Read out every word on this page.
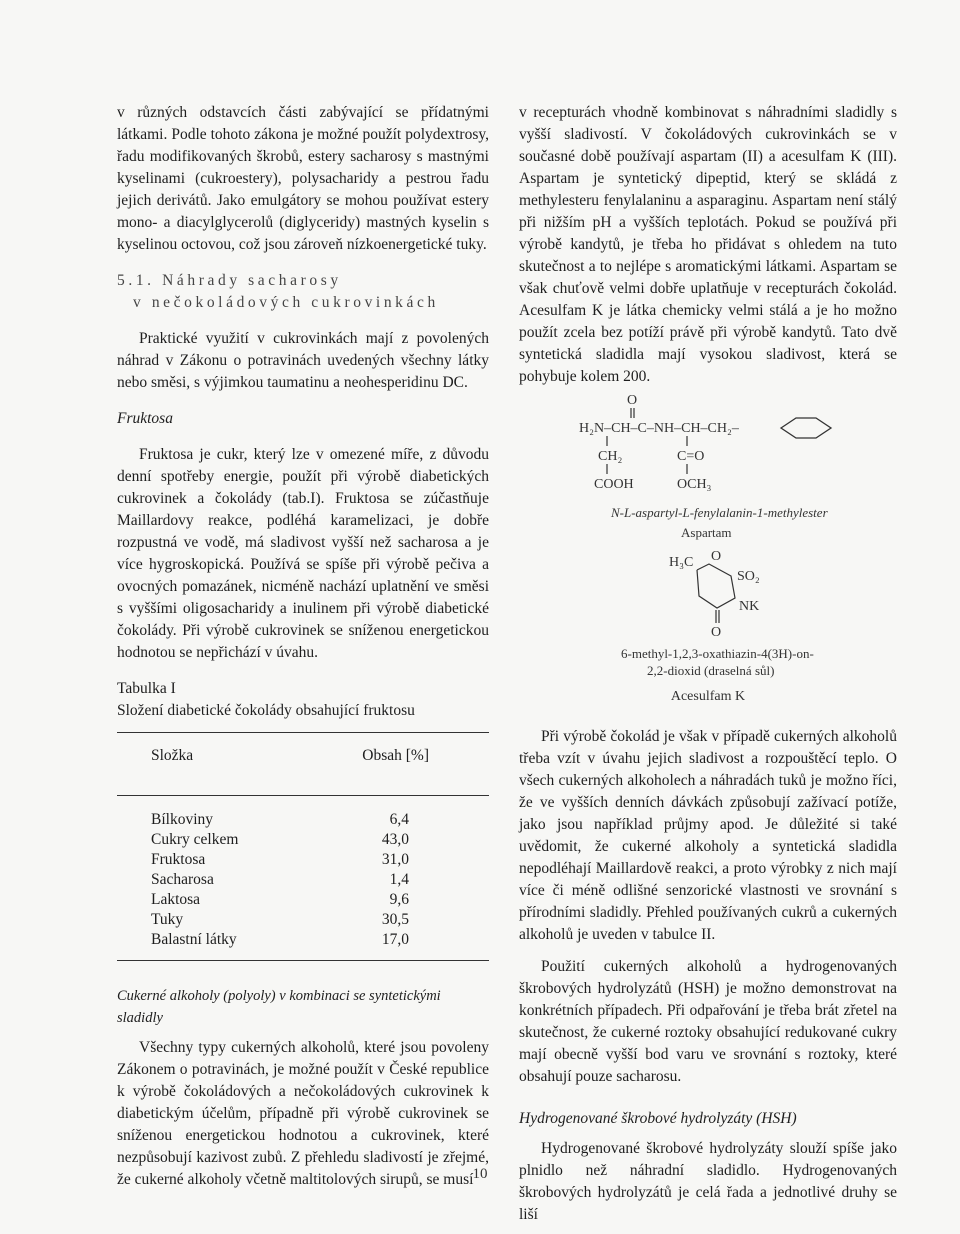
v různých odstavcích části zabývající se přídatnými látkami. Podle tohoto zákona je možné použít polydextrosy, řadu modifikovaných škrobů, estery sacharosy s mastnými kyselinami (cukroestery), polysacharidy a pestrou řadu jejich derivátů. Jako emulgátory se mohou používat estery mono- a diacylglycerolů (diglyceridy) mastných kyselin s kyselinou octovou, což jsou zároveň nízkoenergetické tuky.

5.1. Náhrady sacharosy
v nečokoládových cukrovinkách

Praktické využití v cukrovinkách mají z povolených náhrad v Zákonu o potravinách uvedených všechny látky nebo směsi, s výjimkou taumatinu a neohesperidinu DC.

Fruktosa

Fruktosa je cukr, který lze v omezené míře, z důvodu denní spotřeby energie, použít při výrobě diabetických cukrovinek a čokolády (tab.I). Fruktosa se zúčastňuje Maillardovy reakce, podléhá karamelizaci, je dobře rozpustná ve vodě, má sladivost vyšší než sacharosa a je více hygroskopická. Používá se spíše při výrobě pečiva a ovocných pomazánek, nicméně nachází uplatnění ve směsi s vyššími oligosacharidy a inulinem při výrobě diabetické čokolády. Při výrobě cukrovinek se sníženou energetickou hodnotou se nepřichází v úvahu.

Tabulka I
Složení diabetické čokolády obsahující fruktosu
Složka	Obsah [%]
Bílkoviny	6,4
Cukry celkem	43,0
Fruktosa	31,0
Sacharosa	1,4
Laktosa	9,6
Tuky	30,5
Balastní látky	17,0
Cukerné alkoholy (polyoly) v kombinaci se syntetickými sladidly

Všechny typy cukerných alkoholů, které jsou povoleny Zákonem o potravinách, je možné použít v České republice k výrobě čokoládových a nečokoládových cukrovinek k diabetickým účelům, případně při výrobě cukrovinek se sníženou energetickou hodnotou a cukrovinek, které nezpůsobují kazivost zubů. Z přehledu sladivostí je zřejmé, že cukerné alkoholy včetně maltitolových sirupů, se musí

v recepturách vhodně kombinovat s náhradními sladidly s vyšší sladivostí. V čokoládových cukrovinkách se v současné době používají aspartam (II) a acesulfam K (III). Aspartam je syntetický dipeptid, který se skládá z methylesteru fenylalaninu a asparaginu. Aspartam není stálý při nižším pH a vyšších teplotách. Pokud se používá při výrobě kandytů, je třeba ho přidávat s ohledem na tuto skutečnost a to nejlépe s aromatickými látkami. Aspartam se však chuťově velmi dobře uplatňuje v recepturách čokolád. Acesulfam K je látka chemicky velmi stálá a je ho možno použít zcela bez potíží právě při výrobě kandytů. Tato dvě syntetická sladidla mají vysokou sladivost, která se pohybuje kolem 200.

O
H₂N–CH–C–NH–CH–CH₂–
CH₂
COOH
C=O
OCH₃
N-L-aspartyl-L-fenylalanin-1-methylester
Aspartam
H₃C O
SO₂
NK
O
6-methyl-1,2,3-oxathiazin-4(3H)-on-
2,2-dioxid (draselná sůl)
Acesulfam K

Při výrobě čokolád je však v případě cukerných alkoholů třeba vzít v úvahu jejich sladivost a rozpouštěcí teplo. O všech cukerných alkoholech a náhradách tuků je možno říci, že ve vyšších denních dávkách způsobují zažívací potíže, jako jsou například průjmy apod. Je důležité si také uvědomit, že cukerné alkoholy a syntetická sladidla nepodléhají Maillardově reakci, a proto výrobky z nich mají více či méně odlišné senzorické vlastnosti ve srovnání s přírodními sladidly. Přehled používaných cukrů a cukerných alkoholů je uveden v tabulce II.

Použití cukerných alkoholů a hydrogenovaných škrobových hydrolyzátů (HSH) je možno demonstrovat na konkrétních případech. Při odpařování je třeba brát zřetel na skutečnost, že cukerné roztoky obsahující redukované cukry mají obecně vyšší bod varu ve srovnání s roztoky, které obsahují pouze sacharosu.

Hydrogenované škrobové hydrolyzáty (HSH)

Hydrogenované škrobové hydrolyzáty slouží spíše jako plnidlo než náhradní sladidlo. Hydrogenovaných škrobových hydrolyzátů je celá řada a jednotlivé druhy se liší

10
